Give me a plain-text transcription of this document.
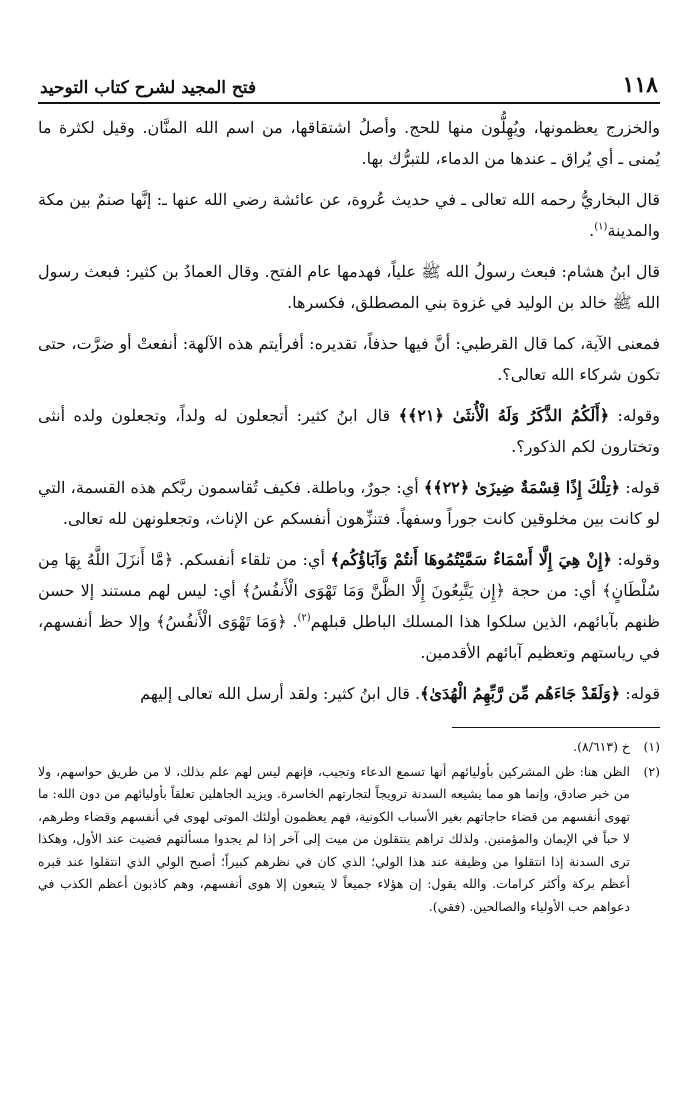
١١٨
فتح المجيد لشرح كتاب التوحيد

والخزرج يعظمونها، ويُهِلُّون منها للحج. وأصلُ اشتقاقها، من اسم الله المنَّان. وقيل لكثرة ما يُمنى ـ أي يُراق ـ عندها من الدماء، للتبرُّك بها.

قال البخاريُّ رحمه الله تعالى ـ في حديث عُروة، عن عائشة رضي الله عنها ـ: إنَّها صنمٌ بين مكة والمدينة$^{(١)}$.

قال ابنُ هشام: فبعث رسولُ الله ﷺ علياً، فهدمها عام الفتح. وقال العمادُ بن كثير: فبعث رسول الله ﷺ خالد بن الوليد في غزوة بني المصطلق، فكسرها.

فمعنى الآية، كما قال القرطبي: أنَّ فيها حذفاً، تقديره: أفرأيتم هذه الآلهة: أنفعتْ أو ضرَّت، حتى تكون شركاء الله تعالى؟.

وقوله: ﴿أَلَكُمُ الذَّكَرُ وَلَهُ الْأُنثَىٰ ﴿٢١﴾﴾ قال ابنُ كثير: أتجعلون له ولداً، وتجعلون ولده أنثى وتختارون لكم الذكور؟.

قوله: ﴿تِلْكَ إِذًا قِسْمَةٌ ضِيزَىٰ ﴿٢٢﴾﴾ أي: جورٌ، وباطلة. فكيف تُقاسمون ربَّكم هذه القسمة، التي لو كانت بين مخلوقين كانت جوراً وسفهاً. فتنزِّهون أنفسكم عن الإناث، وتجعلونهن لله تعالى.

وقوله: ﴿إِنْ هِيَ إِلَّا أَسْمَاءٌ سَمَّيْتُمُوهَا أَنتُمْ وَآبَاؤُكُم﴾ أي: من تلقاء أنفسكم. ﴿مَّا أَنزَلَ اللَّهُ بِهَا مِن سُلْطَانٍ﴾ أي: من حجة ﴿إِن يَتَّبِعُونَ إِلَّا الظَّنَّ وَمَا تَهْوَى الْأَنفُسُ﴾ أي: ليس لهم مستند إلا حسن ظنهم بآبائهم، الذين سلكوا هذا المسلك الباطل قبلهم$^{(٢)}$. ﴿وَمَا تَهْوَى الْأَنفُسُ﴾ وإلا حظ أنفسهم، في رياستهم وتعظيم آبائهم الأقدمين.

قوله: ﴿وَلَقَدْ جَاءَهُم مِّن رَّبِّهِمُ الْهُدَىٰ﴾. قال ابنُ كثير: ولقد أرسل الله تعالى إليهم

(١)
خ (٨/٦١٣).
(٢)
الظن هنا: ظن المشركين بأوليائهم أنها تسمع الدعاء وتجيب، فإنهم ليس لهم علم بذلك، لا من طريق حواسهم، ولا من خبر صادق، وإنما هو مما يشيعه السدنة ترويجاً لتجارتهم الخاسرة. ويزيد الجاهلين تعلقاً بأوليائهم من دون الله: ما تهوى أنفسهم من قضاء حاجاتهم بغير الأسباب الكونية، فهم يعظمون أولئك الموتى لهوى في أنفسهم وقضاء وطرهم، لا حباً في الإيمان والمؤمنين. ولذلك تراهم ينتقلون من ميت إلى آخر إذا لم يجدوا مسألتهم قضيت عند الأول، وهكذا ترى السدنة إذا انتقلوا من وظيفة عند هذا الولي؛ الذي كان في نظرهم كبيراً؛ أصبح الولي الذي انتقلوا عند قبره أعظم بركة وأكثر كرامات. والله يقول: إن هؤلاء جميعاً لا يتبعون إلا هوى أنفسهم، وهم كاذبون أعظم الكذب في دعواهم حب الأولياء والصالحين. (فقي).
